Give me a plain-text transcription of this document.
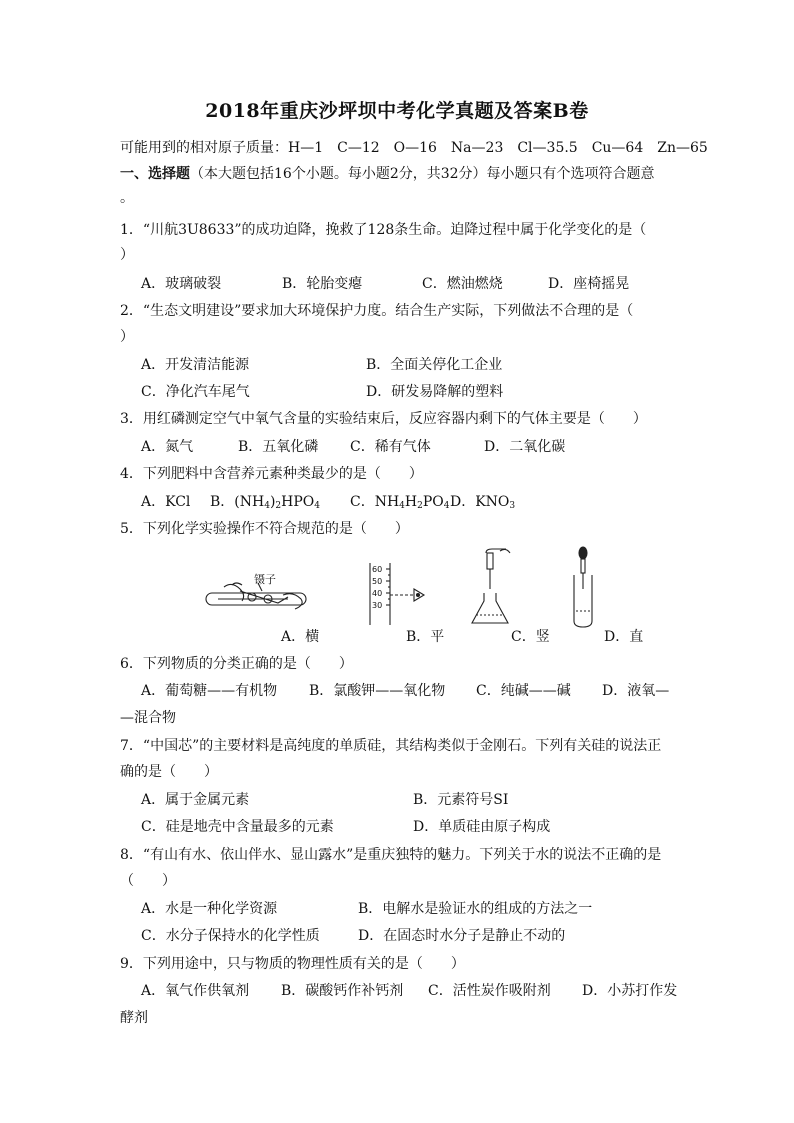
2018年重庆沙坪坝中考化学真题及答案B卷
可能用到的相对原子质量：H—1　C—12　O—16　Na—23　Cl—35.5　Cu—64　Zn—65
一、选择题（本大题包括16个小题。每小题2分，共32分）每小题只有个选项符合题意
。
1．“川航3U8633”的成功迫降，挽救了128条生命。迫降过程中属于化学变化的是（
）
A．玻璃破裂	B．轮胎变瘪	C．燃油燃烧	D．座椅摇晃
2．“生态文明建设”要求加大环境保护力度。结合生产实际，下列做法不合理的是（
）
A．开发清洁能源	B．全面关停化工企业
C．净化汽车尾气	D．研发易降解的塑料
3．用红磷测定空气中氧气含量的实验结束后，反应容器内剩下的气体主要是（　　）
A．氮气	B．五氧化磷 C．稀有气体	D．二氧化碳
4．下列肥料中含营养元素种类最少的是（　　）
A．KCl B．$(NH_4)_2HPO_4$ C．$NH_4H_2PO_4$ D．$KNO_3$
5．下列化学实验操作不符合规范的是（　　）
镊子
60
50
40
30
A．横	B．平	C．竖	D．直
6．下列物质的分类正确的是（　　）
A．葡萄糖——有机物 B．氯酸钾——氧化物 C．纯碱——碱 D．液氧—
—混合物
7．“中国芯”的主要材料是高纯度的单质硅，其结构类似于金刚石。下列有关硅的说法正
确的是（　　）
A．属于金属元素	B．元素符号SI
C．硅是地壳中含量最多的元素	D．单质硅由原子构成
8．“有山有水、依山伴水、显山露水”是重庆独特的魅力。下列关于水的说法不正确的是
（　　）
A．水是一种化学资源	B．电解水是验证水的组成的方法之一
C．水分子保持水的化学性质	D．在固态时水分子是静止不动的
9．下列用途中，只与物质的物理性质有关的是（　　）
A．氧气作供氧剂 B．碳酸钙作补钙剂 C．活性炭作吸附剂 D．小苏打作发
酵剂
